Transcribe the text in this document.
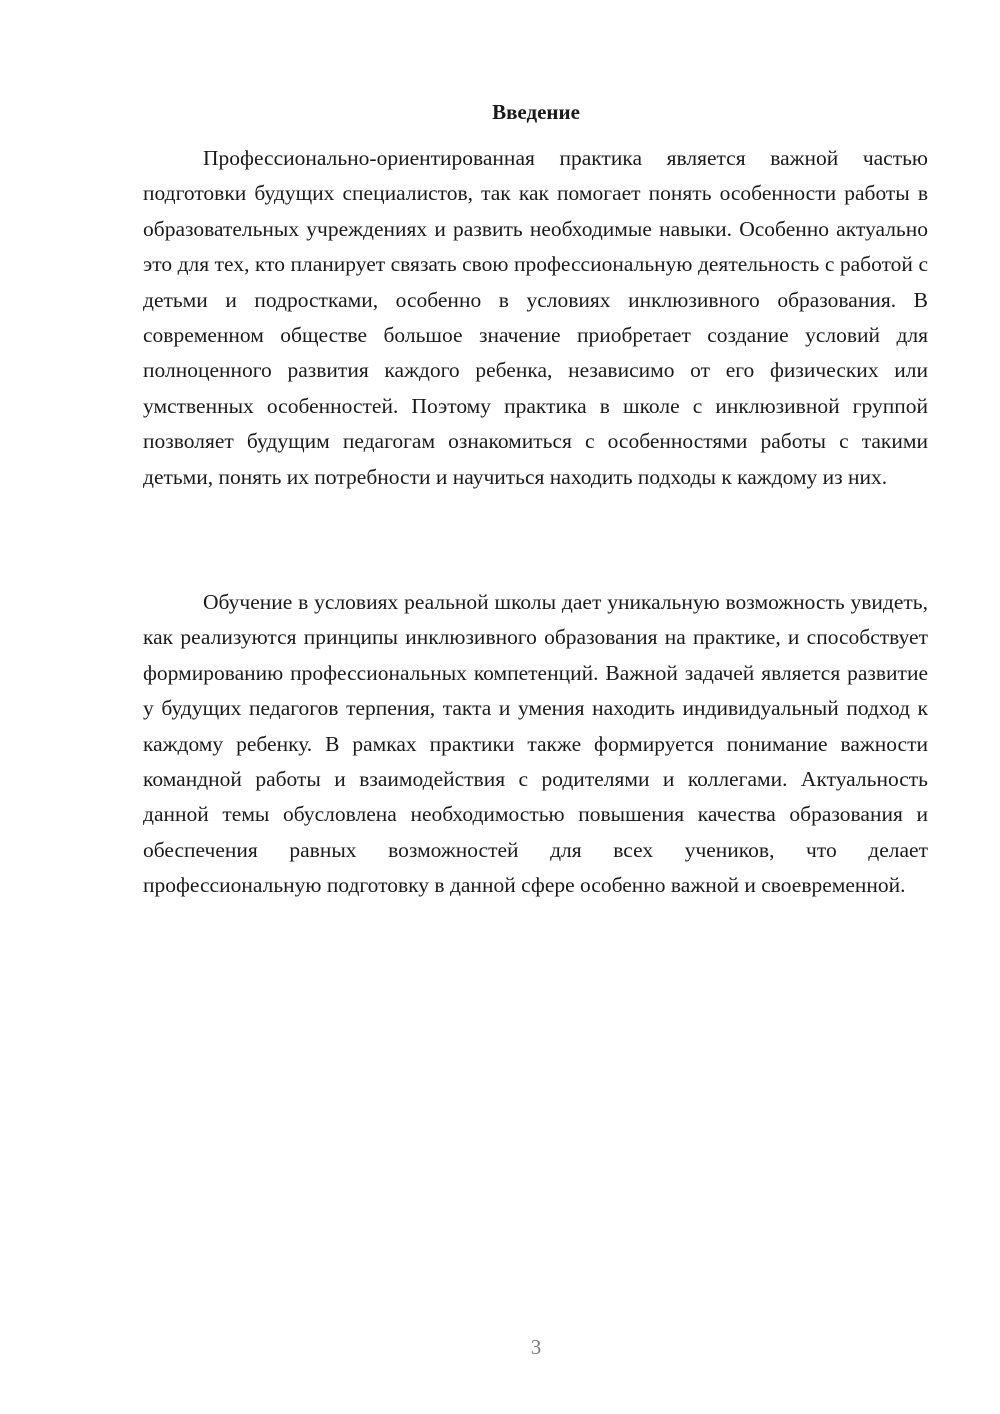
Введение

Профессионально-ориентированная практика является важной частью подготовки будущих специалистов, так как помогает понять особенности работы в образовательных учреждениях и развить необходимые навыки. Особенно актуально это для тех, кто планирует связать свою профессиональную деятельность с работой с детьми и подростками, особенно в условиях инклюзивного образования. В современном обществе большое значение приобретает создание условий для полноценного развития каждого ребенка, независимо от его физических или умственных особенностей. Поэтому практика в школе с инклюзивной группой позволяет будущим педагогам ознакомиться с особенностями работы с такими детьми, понять их потребности и научиться находить подходы к каждому из них.

Обучение в условиях реальной школы дает уникальную возможность увидеть, как реализуются принципы инклюзивного образования на практике, и способствует формированию профессиональных компетенций. Важной задачей является развитие у будущих педагогов терпения, такта и умения находить индивидуальный подход к каждому ребенку. В рамках практики также формируется понимание важности командной работы и взаимодействия с родителями и коллегами. Актуальность данной темы обусловлена необходимостью повышения качества образования и обеспечения равных возможностей для всех учеников, что делает профессиональную подготовку в данной сфере особенно важной и своевременной.

3
